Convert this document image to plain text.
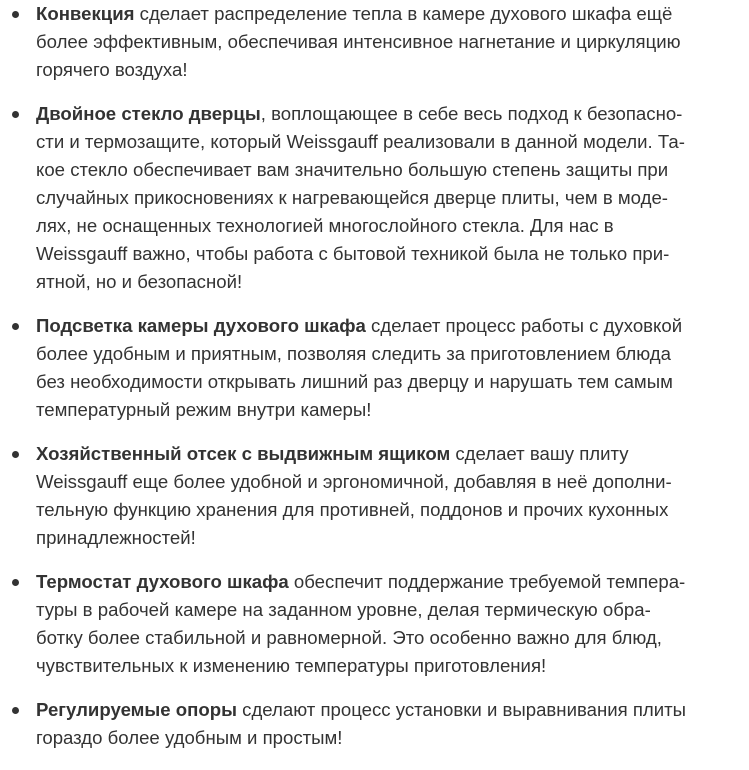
Конвекция сделает распределение тепла в камере духового шкафа ещё
более эффективным, обеспечивая интенсивное нагнетание и циркуляцию
горячего воздуха!
Двойное стекло дверцы, воплощающее в себе весь подход к безопасно-
сти и термозащите, который Weissgauff реализовали в данной модели. Та-
кое стекло обеспечивает вам значительно большую степень защиты при
случайных прикосновениях к нагревающейся дверце плиты, чем в моде-
лях, не оснащенных технологией многослойного стекла. Для нас в
Weissgauff важно, чтобы работа с бытовой техникой была не только при-
ятной, но и безопасной!
Подсветка камеры духового шкафа сделает процесс работы с духовкой
более удобным и приятным, позволяя следить за приготовлением блюда
без необходимости открывать лишний раз дверцу и нарушать тем самым
температурный режим внутри камеры!
Хозяйственный отсек с выдвижным ящиком сделает вашу плиту
Weissgauff еще более удобной и эргономичной, добавляя в неё дополни-
тельную функцию хранения для противней, поддонов и прочих кухонных
принадлежностей!
Термостат духового шкафа обеспечит поддержание требуемой темпера-
туры в рабочей камере на заданном уровне, делая термическую обра-
ботку более стабильной и равномерной. Это особенно важно для блюд,
чувствительных к изменению температуры приготовления!
Регулируемые опоры сделают процесс установки и выравнивания плиты
гораздо более удобным и простым!
